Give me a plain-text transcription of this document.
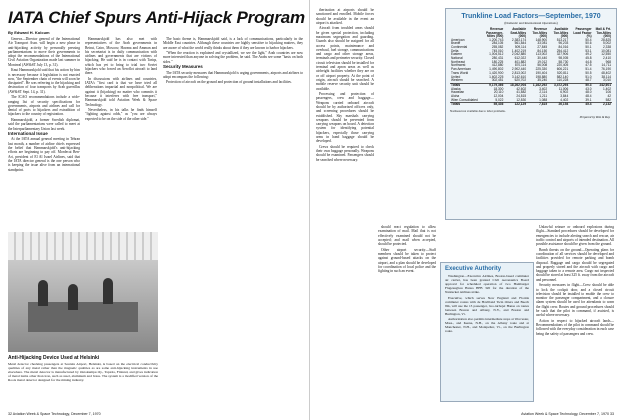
IATA Chief Spurs Anti-Hijack Program
By Edward H. Kolcum

Geneva—Director general of the International Air Transport Assn. will begin a new phase in anti-hijacking activity by personally pressing parliamentarians to move their governments to adopt the recommendations of the International Civil Aviation Organization made last summer in Montreal (AW&ST July 13, p. 31).

Knut Hammarskjold said that his action by him is necessary because it legislation is not enacted now, "the September chain of events will soon be dissipated". He was referring to the hijacking and destruction of four transports by Arab guerrillas (AW&ST Sept. 14, p. 31).

The ICAO recommendations include a wide-ranging list of security specifications for governments, airports and airlines and call for denial of ports to hijackers and extradition of hijackers to the country of registration.

Hammarskjold, a former Swedish diplomat, said the parliamentarians were called to meet at the Interparliamentary Union last week.

International Issue

At the IATA annual general meeting in Tehran last month, a number of airline chiefs expressed the belief that Hammarskjold's anti-hijacking efforts are beginning to pay off. Mordecai Ben-Ari, president of El Al Israel Airlines, said that the IATA director general is the one person who is keeping the issue alive from an international standpoint.

Hammarskjold has also met with representatives of the Arab governments in Beirut, Cairo, Moscow, Havana and Amman and his secretariat is in daily communication with airlines and governments that are victims of hijacking. He said he is in contact with Tariqs, which has yet to bring to trial two Soviet hijackers who forced an Aeroflot aircraft to land there.

In discussions with airlines and countries, IATA's "first card is that we have tried all deliberations impartial and nonpolitical. We are against it (hijacking) no matter who commits it because it interferes with free transport," Hammarskjold told Aviation Week & Space Technology.

Nevertheless, in his talks he finds himself "fighting against odds," as "you are always expected to be on the side of the other side."

The basic theme is, Hammarskjold said, is a lack of communications, particularly in the Middle East countries. Although these countries are highly sensitive to hijacking matters, they are aware of what the world really thinks about them if they are known to harbor hijackers.

"When the reaction is explained and crystallized, we see the light," Arab countries are now more interested than anyone in solving the problem, he said. The Arabs see some "basis on both sides."

Security Measures

The IATA security measures that Hammarskjold is urging governments, airports and airlines to adopt encompass the following:

Protection of aircraft on the ground and protection of ground installations and facilities.

Anti-Hijacking Device Used at Helsinki
Metal detector checking passengers at Seutula Airport, Helsinki, is based on the electrical conductivity qualities of any metal rather than the magnetic qualities as are some anti-hijacking instruments in use elsewhere. The metal detector is manufactured by Outokumpu Oy., Tapiola, Finland, and gives indication of metal items other than iron, such as steel, aluminum and brass. The system is a modified version of the Roots metal detector designed for the mining industry.
32 Aviation Week & Space Technology, December 7, 1970

therization at airports should be sanctioned and enrolled. Mobile forces should be available in the event an airport is attacked.

Aircraft from troubled areas should be given special protection, including maximum segregation and guarding. Guards also should be assigned for all access points, maintenance and overhaul, fuel storage, communications and cargo and other storage areas, terminals and perimeter security. Closed circuit television should be installed for terminal and apron areas as well as airfreight facilities whether they are on or off airport property. At the point of origin, aircraft should be searched. A mobile reserve security unit should be available.

Processing and protection of passengers, crew and baggage—Weapons carried onboard aircraft should be by authorized officers only, and screening procedures should be established. Sky marshals carrying weapons should be prevented from carrying weapons on board. A detection system for identifying potential hijackers, especially those carrying arms in hand baggage should be developed.

Crews should be required to check their own baggage personally. Weapons should be examined. Passengers should be searched where necessary.

should react regulation to allow examination of mail. Mail that is not effectively examined should not be accepted; and mail when accepted, should be protected.

Other airport security—Staff members should be taken to protect against ground-based attacks on the airport, and a plan should be developed for coordination of local police and the fighting in such an event.

Unlawful seizure or onboard explosions during flight—Standard procedures should be developed for emergencies to include alerting search and rescue, air traffic control and airports of intended destination. All possible assistance should be given from the ground.

Bomb threats on the ground—Operating plans for coordination of all services should be developed and facilities provided for remote parking and bomb disposal. Baggage and cargo should be segregated and properly stored and the aircraft with cargo and baggage taken to a remote area. Cargo not inspected should be stored at least 325 ft. away from the aircraft and personnel.

Security measures in flight—Crew should be able to lock the cockpit door, and a closed circuit television should be installed to enable the crew to monitor the passenger compartment, and a closure alarm system should be used for attendants to warn the flight crew. Routes and ground procedures should be such that the pilot in command, if assisted, is useful where necessary.

Action in respect to hijacked aircraft lands—Recommendations of the pilot in command should be followed with the everyday consideration in each case being the safety of passengers and crew.

Trunkline Load Factors—September, 1970
(Domestic and International Operations)
	Revenue Passenger-Miles (000)	Available Seat-Miles (000)	Revenue Ton-Miles (000)	Available Ton-Miles (000)	Passenger Load Factor (%)	Mail & Frt. Ton-Miles (000)
American	1,200,743	2,383,174	148,900	513,217	50.4	28,825
Braniff	284,105	561,844	33,081	96,203	50.6	5,002
Continental	255,082	509,114	27,845	84,016	50.1	2,338
Delta	745,010	1,402,219	84,150	254,412	53.1	10,081
Eastern	1,004,512	2,042,880	113,002	327,906	49.2	12,550
National	280,431	612,022	30,440	98,005	45.8	2,410
Northeast	180,225	401,882	19,012	58,730	44.8	968
Northwest	412,880	870,114	56,008	220,405	47.5	14,711
Pan American	1,490,802	2,902,440	225,330	606,221	51.4	76,190
Trans World	1,420,900	2,813,002	190,404	520,811	50.5	48,402
United	1,602,225	3,142,610	198,880	582,140	51.0	38,114
Western	302,451	620,702	35,240	110,228	48.7	3,010
Totals	9,179,366	18,262,004	1,162,292	3,472,294	50.3	242,601
Alaska	18,300	42,602	3,402	11,006	43.0	1,402
Hawaiian	20,110	41,882	2,114	6,902	48.0	106
Aloha	12,004	24,815	1,211	3,844	48.4	42
Wien Consolidated	5,022	12,830	1,088	4,402	39.1	582
Totals	55,436	122,129	7,815	26,154	45.4	2,132
Northeast not available due to labor problems.
Prepared by Ritz & Ray
Executive Authority

Washington—Executive Airlines, Boston-based commuter air carrier, has been granted Civil Aeronautics Board approval for scheduled operation of two Hamburger Flugzeugbau Hansa HFB 320 for the duration of the Nantucket Airlines strike.

Executive, which serves New England and Florida commuter routes with de Havilland Twin Otters and Beech 99s, will use the 13 passenger, two-turbojet Hansa on routes between Boston and Albany, N.Y., and Boston and Burlington, Vt.

Authorization also permits intermediate stops at Worcester, Mass., and Keene, N.H., on the Albany route and at Manchester, N.H., and Montpelier, Vt., on the Burlington route.

Aviation Week & Space Technology, December 7, 1970 33
